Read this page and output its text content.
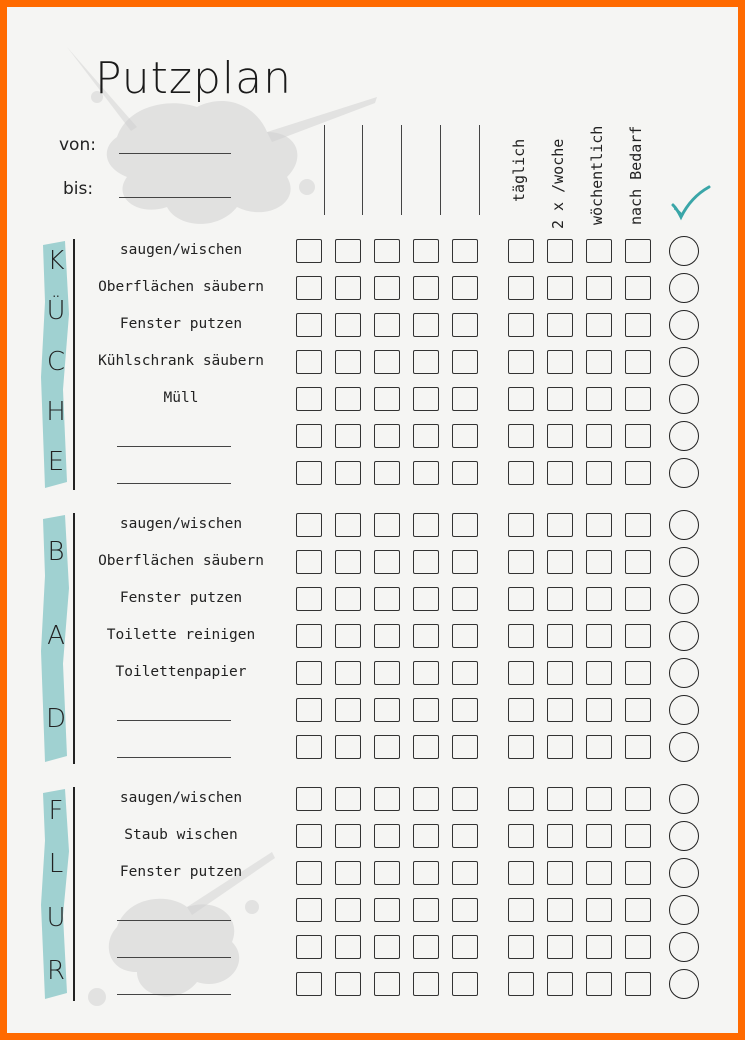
Putzplan
von:
bis:	täglich 2 x /woche wöchentlich nach Bedarf
K
Ü
C
H
E
saugen/wischen
Oberflächen säubern
Fenster putzen
Kühlschrank säubern
Müll
B
A
D
saugen/wischen
Oberflächen säubern
Fenster putzen
Toilette reinigen
Toilettenpapier
F
L
U
R
saugen/wischen
Staub wischen
Fenster putzen
